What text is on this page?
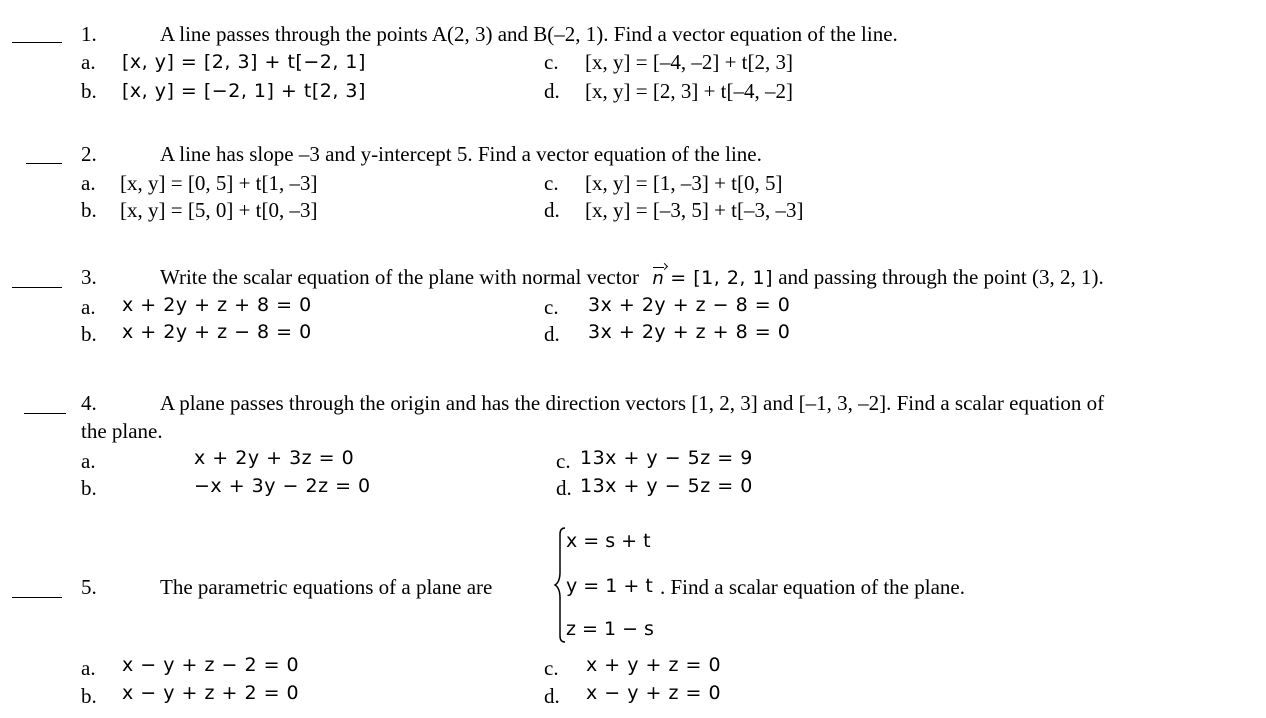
1.	A line passes through the points A(2, 3) and B(–2, 1). Find a vector equation of the line.
a. [x, y] = [2, 3] + t[−2, 1]
b. [x, y] = [−2, 1] + t[2, 3]
c. [x, y] = [–4, –2] + t[2, 3]
d. [x, y] = [2, 3] + t[–4, –2]
2.	A line has slope –3 and y-intercept 5. Find a vector equation of the line.
a. [x, y] = [0, 5] + t[1, –3]
b. [x, y] = [5, 0] + t[0, –3]
c. [x, y] = [1, –3] + t[0, 5]
d. [x, y] = [–3, 5] + t[–3, –3]
3.	Write the scalar equation of the plane with normal vector n = [1, 2, 1] and passing through the point (3, 2, 1).
a. x + 2y + z + 8 = 0
b. x + 2y + z − 8 = 0
c. 3x + 2y + z − 8 = 0
d. 3x + 2y + z + 8 = 0
4.	A plane passes through the origin and has the direction vectors [1, 2, 3] and [–1, 3, –2]. Find a scalar equation of
the plane.
a.	x + 2y + 3z = 0
b.	−x + 3y − 2z = 0
c. 13x + y − 5z = 9
d. 13x + y − 5z = 0
5.	The parametric equations of a plane are
x = s + t
y = 1 + t
z = 1 − s
. Find a scalar equation of the plane.
a. x − y + z − 2 = 0
b. x − y + z + 2 = 0
c. x + y + z = 0
d. x − y + z = 0
